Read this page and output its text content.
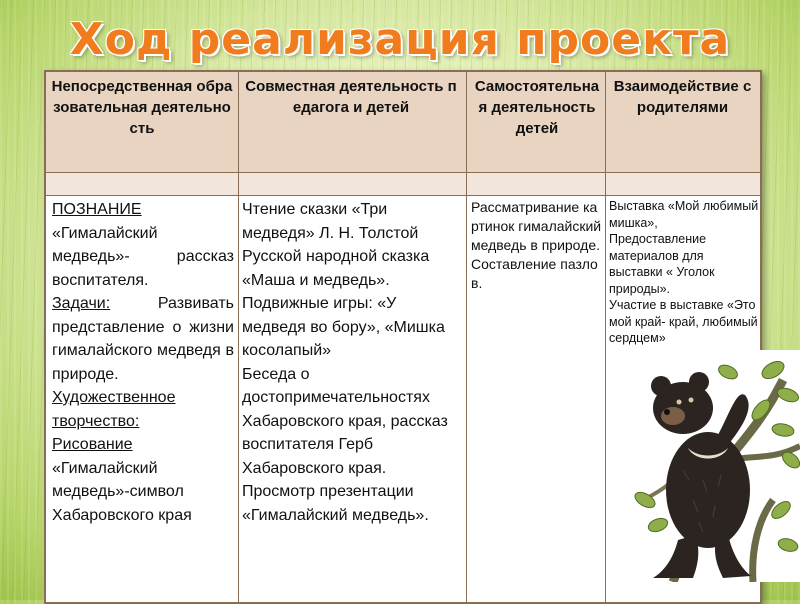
Ход реализация проекта
Непосредственная образовательная деятельность
Совместная деятельность педагога и детей
Самостоятельная деятельность детей
Взаимодействие с родителями

ПОЗНАНИЕ

«Гималайский медведь»- рассказ воспитателя.

Задачи:	Развивать представление о жизни гималайского медведя в природе.

Художественное творчество:

Рисование

«Гималайский медведь»-символ Хабаровского края

Чтение сказки «Три медведя» Л. Н. Толстой Русской народной сказка «Маша и медведь».

Подвижные игры: «У медведя во бору», «Мишка косолапый»

Беседа о достопримечательностях Хабаровского края, рассказ воспитателя Герб Хабаровского края.

Просмотр презентации «Гималайский медведь».

Рассматривание картинок гималайский медведь в природе. Составление пазлов.

Выставка «Мой любимый мишка»,

Предоставление материалов для выставки « Уголок природы».

Участие в выставке «Это мой край- край, любимый сердцем»
